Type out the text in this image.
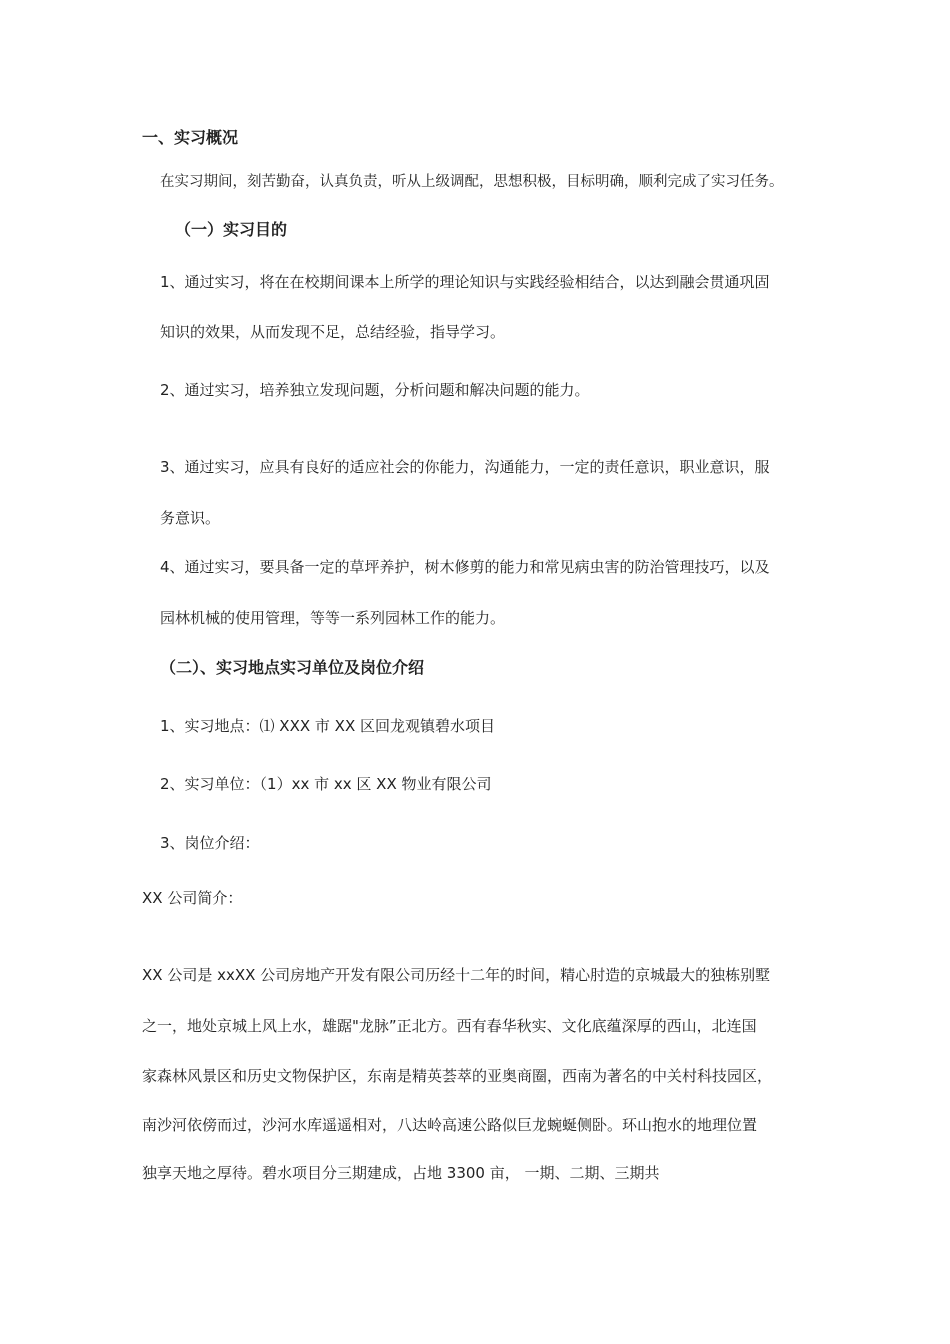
一、实习概况
在实习期间，刻苦勤奋，认真负责，听从上级调配，思想积极，目标明确，顺利完成了实习任务。
（一）实习目的
1、通过实习，将在在校期间课本上所学的理论知识与实践经验相结合，以达到融会贯通巩固
知识的效果，从而发现不足，总结经验，指导学习。
2、通过实习，培养独立发现问题，分析问题和解决问题的能力。
3、通过实习，应具有良好的适应社会的你能力，沟通能力，一定的责任意识，职业意识，服
务意识。
4、通过实习，要具备一定的草坪养护，树木修剪的能力和常见病虫害的防治管理技巧，以及
园林机械的使用管理，等等一系列园林工作的能力。
（二）、实习地点实习单位及岗位介绍
1、实习地点：⑴ XXX 市 XX 区回龙观镇碧水项目
2、实习单位：（1）xx 市 xx 区 XX 物业有限公司
3、岗位介绍：
XX 公司简介：
XX 公司是 xxXX 公司房地产开发有限公司历经十二年的时间，精心肘造的京城最大的独栋别墅
之一，地处京城上风上水，雄踞"龙脉”正北方。西有春华秋实、文化底蕴深厚的西山，北连国
家森林风景区和历史文物保护区，东南是精英荟萃的亚奥商圈，西南为著名的中关村科技园区，
南沙河依傍而过，沙河水库遥遥相对，八达岭高速公路似巨龙蜿蜒侧卧。环山抱水的地理位置
独享天地之厚待。碧水项目分三期建成，占地 3300 亩， 一期、二期、三期共
